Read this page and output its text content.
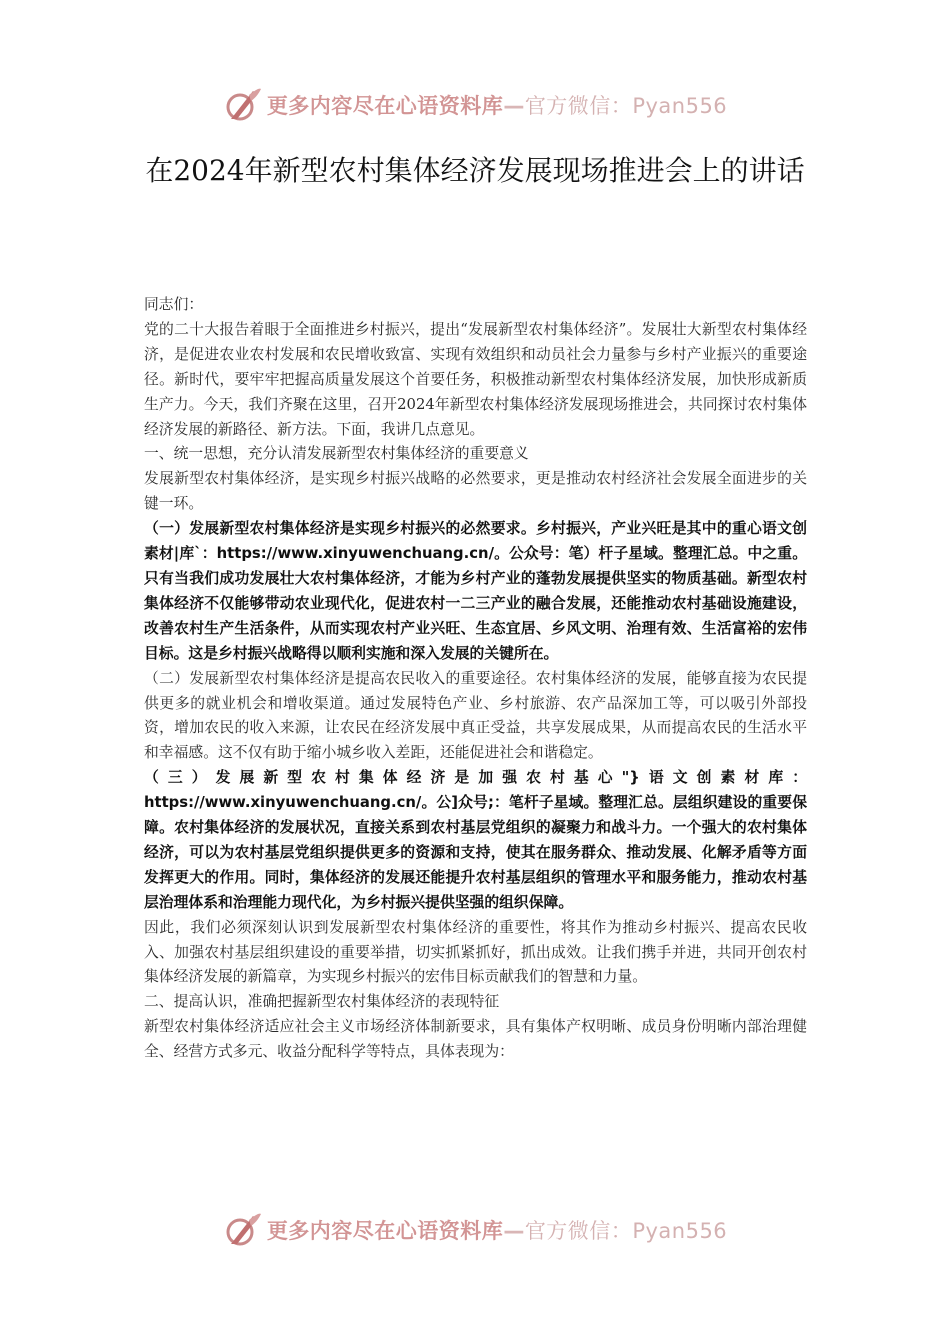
更多内容尽在心语资料库—官方微信：Pyan556
在2024年新型农村集体经济发展现场推进会上的讲话

同志们：

党的二十大报告着眼于全面推进乡村振兴，提出“发展新型农村集体经济”。发展壮大新型农村集体经济，是促进农业农村发展和农民增收致富、实现有效组织和动员社会力量参与乡村产业振兴的重要途径。新时代，要牢牢把握高质量发展这个首要任务，积极推动新型农村集体经济发展，加快形成新质生产力。今天，我们齐聚在这里，召开2024年新型农村集体经济发展现场推进会，共同探讨农村集体经济发展的新路径、新方法。下面，我讲几点意见。

一、统一思想，充分认清发展新型农村集体经济的重要意义

发展新型农村集体经济，是实现乡村振兴战略的必然要求，更是推动农村经济社会发展全面进步的关键一环。

（一）发展新型农村集体经济是实现乡村振兴的必然要求。乡村振兴，产业兴旺是其中的重心语文创素材|库`：https://www.xinyuwenchuang.cn/。公众号：笔）杆子星域。整理汇总。中之重。只有当我们成功发展壮大农村集体经济，才能为乡村产业的蓬勃发展提供坚实的物质基础。新型农村集体经济不仅能够带动农业现代化，促进农村一二三产业的融合发展，还能推动农村基础设施建设，改善农村生产生活条件，从而实现农村产业兴旺、生态宜居、乡风文明、治理有效、生活富裕的宏伟目标。这是乡村振兴战略得以顺利实施和深入发展的关键所在。

（二）发展新型农村集体经济是提高农民收入的重要途径。农村集体经济的发展，能够直接为农民提供更多的就业机会和增收渠道。通过发展特色产业、乡村旅游、农产品深加工等，可以吸引外部投资，增加农民的收入来源，让农民在经济发展中真正受益，共享发展成果，从而提高农民的生活水平和幸福感。这不仅有助于缩小城乡收入差距，还能促进社会和谐稳定。

（三）发展新型农村集体经济是加强农村基心"}语文创素材库：https://www.xinyuwenchuang.cn/。公]众号;：笔杆子星域。整理汇总。层组织建设的重要保障。农村集体经济的发展状况，直接关系到农村基层党组织的凝聚力和战斗力。一个强大的农村集体经济，可以为农村基层党组织提供更多的资源和支持，使其在服务群众、推动发展、化解矛盾等方面发挥更大的作用。同时，集体经济的发展还能提升农村基层组织的管理水平和服务能力，推动农村基层治理体系和治理能力现代化，为乡村振兴提供坚强的组织保障。

因此，我们必须深刻认识到发展新型农村集体经济的重要性，将其作为推动乡村振兴、提高农民收入、加强农村基层组织建设的重要举措，切实抓紧抓好，抓出成效。让我们携手并进，共同开创农村集体经济发展的新篇章，为实现乡村振兴的宏伟目标贡献我们的智慧和力量。

二、提高认识，准确把握新型农村集体经济的表现特征

新型农村集体经济适应社会主义市场经济体制新要求，具有集体产权明晰、成员身份明晰内部治理健全、经营方式多元、收益分配科学等特点，具体表现为：

更多内容尽在心语资料库—官方微信：Pyan556
